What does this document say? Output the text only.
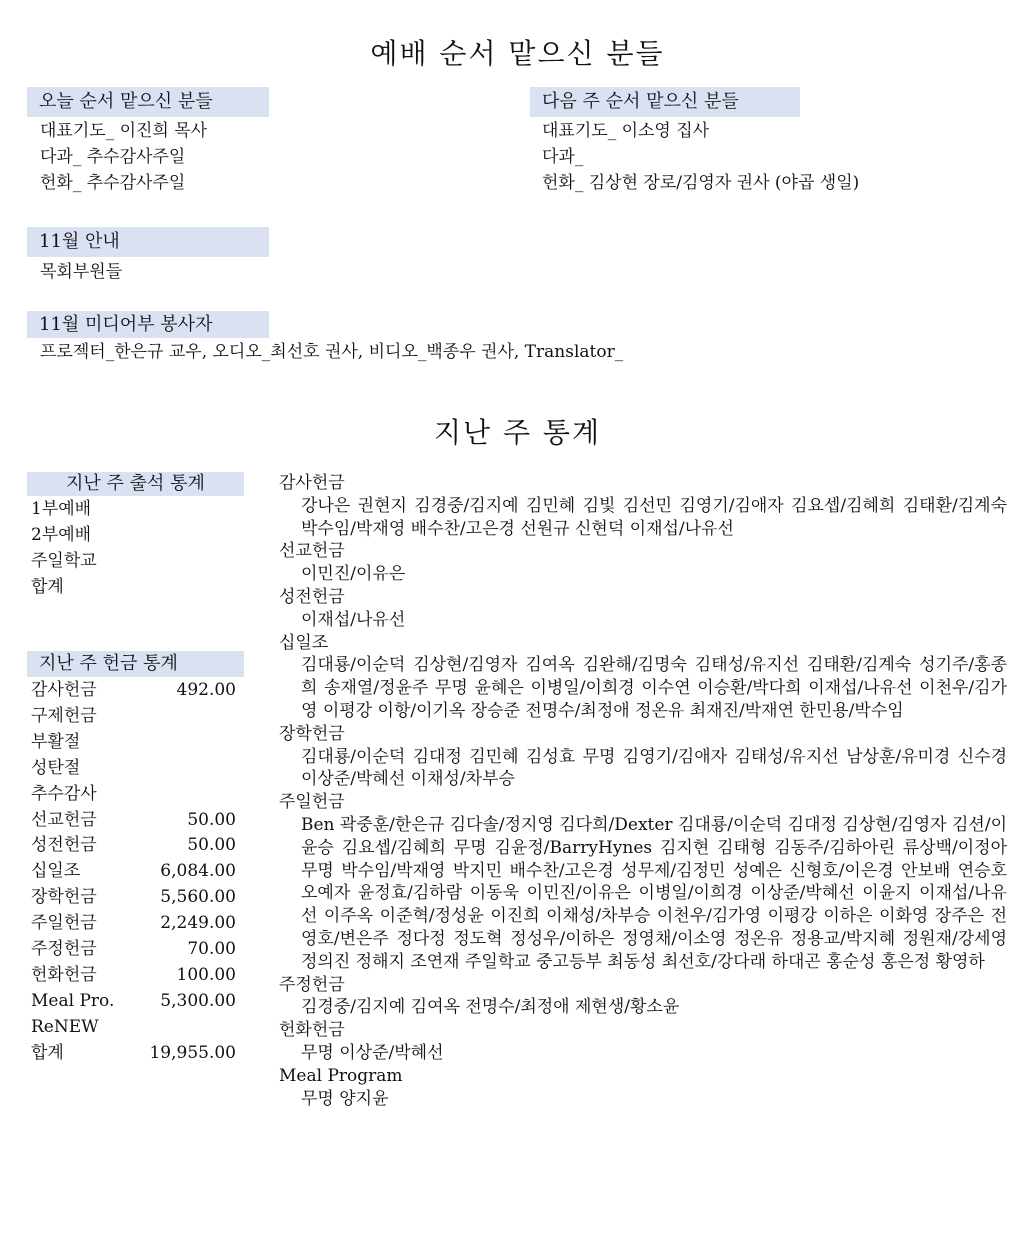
예배 순서 맡으신 분들
오늘 순서 맡으신 분들
대표기도_ 이진희 목사
다과_ 추수감사주일
헌화_ 추수감사주일
다음 주 순서 맡으신 분들
대표기도_ 이소영 집사
다과_
헌화_ 김상현 장로/김영자 권사 (야곱 생일)
11월 안내
목회부원들
11월 미디어부 봉사자
프로젝터_한은규 교우, 오디오_최선호 권사, 비디오_백종우 권사, Translator_
지난 주 통계
지난 주 출석 통계
1부예배
2부예배
주일학교
합계
지난 주 헌금 통계
감사헌금	492.00
구제헌금
부활절
성탄절
추수감사
선교헌금	50.00
성전헌금	50.00
십일조	6,084.00
장학헌금	5,560.00
주일헌금	2,249.00
주정헌금	70.00
헌화헌금	100.00
Meal Pro.	5,300.00
ReNEW
합계	19,955.00
감사헌금
강나은 권현지 김경중/김지예 김민혜 김빛 김선민 김영기/김애자 김요셉/김혜희 김태환/김계숙 박수임/박재영 배수찬/고은경 선원규 신현덕 이재섭/나유선
선교헌금
이민진/이유은
성전헌금
이재섭/나유선
십일조
김대룡/이순덕 김상현/김영자 김여옥 김완해/김명숙 김태성/유지선 김태환/김계숙 성기주/홍종희 송재열/정윤주 무명 윤혜은 이병일/이희경 이수연 이승환/박다희 이재섭/나유선 이천우/김가영 이평강 이항/이기옥 장승준 전명수/최정애 정온유 최재진/박재연 한민용/박수임
장학헌금
김대룡/이순덕 김대정 김민혜 김성효 무명 김영기/김애자 김태성/유지선 남상훈/유미경 신수경 이상준/박혜선 이채성/차부승
주일헌금
Ben 곽중훈/한은규 김다솔/정지영 김다희/Dexter 김대룡/이순덕 김대정 김상현/김영자 김션/이윤승 김요셉/김혜희 무명 김윤정/BarryHynes 김지현 김태형 김동주/김하아린 류상백/이정아 무명 박수임/박재영 박지민 배수찬/고은경 성무제/김정민 성예은 신형호/이은경 안보배 연승호 오예자 윤정효/김하람 이동욱 이민진/이유은 이병일/이희경 이상준/박혜선 이윤지 이재섭/나유선 이주옥 이준혁/정성윤 이진희 이채성/차부승 이천우/김가영 이평강 이하은 이화영 장주은 전영호/변은주 정다정 정도혁 정성우/이하은 정영채/이소영 정온유 정용교/박지혜 정원재/강세영 정의진 정해지 조연재 주일학교 중고등부 최동성 최선호/강다래 하대곤 홍순성 홍은정 황영하
주정헌금
김경중/김지예 김여옥 전명수/최정애 제현생/황소윤
헌화헌금
무명 이상준/박혜선
Meal Program
무명 양지윤
